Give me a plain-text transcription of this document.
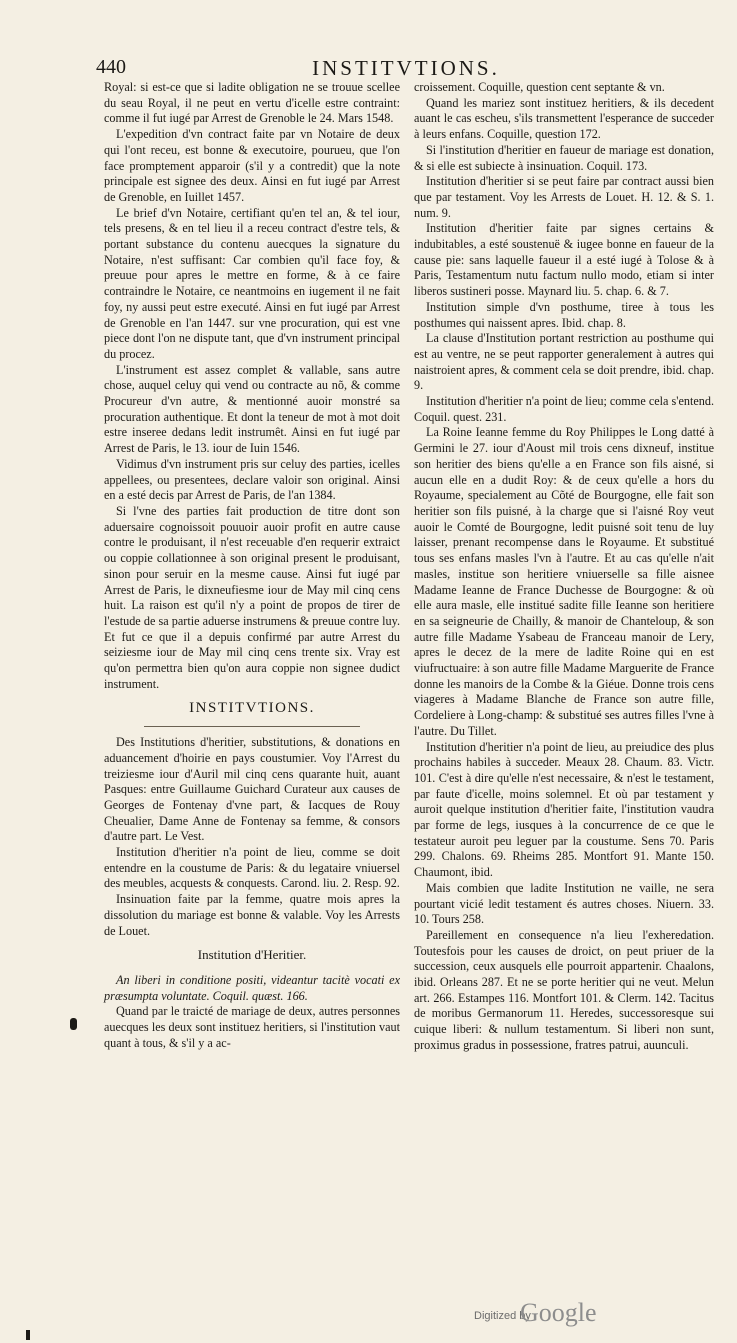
440	INSTITVTIONS.

Royal: si est-ce que si ladite obligation ne se trouue scellee du seau Royal, il ne peut en vertu d'icelle estre contraint: comme il fut iugé par Arrest de Grenoble le 24. Mars 1548.

L'expedition d'vn contract faite par vn Notaire de deux qui l'ont receu, est bonne & executoire, pourueu, que l'on face promptement apparoir (s'il y a contredit) que la note principale est signee des deux. Ainsi en fut iugé par Arrest de Grenoble, en Iuillet 1457.

Le brief d'vn Notaire, certifiant qu'en tel an, & tel iour, tels presens, & en tel lieu il a receu contract d'estre tels, & portant substance du contenu auecques la signature du Notaire, n'est suffisant: Car combien qu'il face foy, & preuue pour apres le mettre en forme, & à ce faire contraindre le Notaire, ce neantmoins en iugement il ne fait foy, ny aussi peut estre executé. Ainsi en fut iugé par Arrest de Grenoble en l'an 1447. sur vne procuration, qui est vne piece dont l'on ne dispute tant, que d'vn instrument principal du procez.

L'instrument est assez complet & vallable, sans autre chose, auquel celuy qui vend ou contracte au nõ, & comme Procureur d'vn autre, & mentionné auoir monstré sa procuration authentique. Et dont la teneur de mot à mot doit estre inseree dedans ledit instrumêt. Ainsi en fut iugé par Arrest de Paris, le 13. iour de Iuin 1546.

Vidimus d'vn instrument pris sur celuy des parties, icelles appellees, ou presentees, declare valoir son original. Ainsi en a esté decis par Arrest de Paris, de l'an 1384.

Si l'vne des parties fait production de titre dont son aduersaire cognoissoit pouuoir auoir profit en autre cause contre le produisant, il n'est receuable d'en requerir extraict ou coppie collationnee à son original present le produisant, sinon pour seruir en la mesme cause. Ainsi fut iugé par Arrest de Paris, le dixneufiesme iour de May mil cinq cens huit. La raison est qu'il n'y a point de propos de tirer de l'estude de sa partie aduerse instrumens & preuue contre luy. Et fut ce que il a depuis confirmé par autre Arrest du seiziesme iour de May mil cinq cens trente six. Vray est qu'on permettra bien qu'on aura coppie non signee dudict instrument.

INSTITVTIONS.

Des Institutions d'heritier, substitutions, & donations en aduancement d'hoirie en pays coustumier. Voy l'Arrest du treiziesme iour d'Auril mil cinq cens quarante huit, auant Pasques: entre Guillaume Guichard Curateur aux causes de Georges de Fontenay d'vne part, & Iacques de Rouy Cheualier, Dame Anne de Fontenay sa femme, & consors d'autre part. Le Vest.

Institution d'heritier n'a point de lieu, comme se doit entendre en la coustume de Paris: & du legataire vniuersel des meubles, acquests & conquests. Carond. liu. 2. Resp. 92.

Insinuation faite par la femme, quatre mois apres la dissolution du mariage est bonne & valable. Voy les Arrests de Louet.

Institution d'Heritier.

An liberi in conditione positi, videantur tacitè vocati ex præsumpta voluntate. Coquil. quæst. 166.

Quand par le traicté de mariage de deux, autres personnes auecques les deux sont instituez heritiers, si l'institution vaut quant à tous, & s'il y a ac-

croissement. Coquille, question cent septante & vn.

Quand les mariez sont instituez heritiers, & ils decedent auant le cas escheu, s'ils transmettent l'esperance de succeder à leurs enfans. Coquille, question 172.

Si l'institution d'heritier en faueur de mariage est donation, & si elle est subiecte à insinuation. Coquil. 173.

Institution d'heritier si se peut faire par contract aussi bien que par testament. Voy les Arrests de Louet. H. 12. & S. 1. num. 9.

Institution d'heritier faite par signes certains & indubitables, a esté soustenuë & iugee bonne en faueur de la cause pie: sans laquelle faueur il a esté iugé à Tolose & à Paris, Testamentum nutu factum nullo modo, etiam si inter liberos sustineri posse. Maynard liu. 5. chap. 6. & 7.

Institution simple d'vn posthume, tiree à tous les posthumes qui naissent apres. Ibid. chap. 8.

La clause d'Institution portant restriction au posthume qui est au ventre, ne se peut rapporter generalement à autres qui naistroient apres, & comment cela se doit prendre, ibid. chap. 9.

Institution d'heritier n'a point de lieu; comme cela s'entend. Coquil. quest. 231.

La Roine Ieanne femme du Roy Philippes le Long datté à Germini le 27. iour d'Aoust mil trois cens dixneuf, institue son heritier des biens qu'elle a en France son fils aisné, si aucun elle en a dudit Roy: & de ceux qu'elle a hors du Royaume, specialement au Cõté de Bourgogne, elle fait son heritier son fils puisné, à la charge que si l'aisné Roy veut auoir le Comté de Bourgogne, ledit puisné soit tenu de luy laisser, prenant recompense dans le Royaume. Et substitué tous ses enfans masles l'vn à l'autre. Et au cas qu'elle n'ait masles, institue son heritiere vniuerselle sa fille aisnee Madame Ieanne de France Duchesse de Bourgogne: & où elle aura masle, elle institué sadite fille Ieanne son heritiere en sa seigneurie de Chailly, & manoir de Chanteloup, & son autre fille Madame Ysabeau de Franceau manoir de Lery, apres le decez de la mere de ladite Roine qui en est viufructuaire: à son autre fille Madame Marguerite de France donne les manoirs de la Combe & la Giéue. Donne trois cens viageres à Madame Blanche de France son autre fille, Cordeliere à Long-champ: & substitué ses autres filles l'vne à l'autre. Du Tillet.

Institution d'heritier n'a point de lieu, au preiudice des plus prochains habiles à succeder. Meaux 28. Chaum. 83. Victr. 101. C'est à dire qu'elle n'est necessaire, & n'est le testament, par faute d'icelle, moins solemnel. Et où par testament y auroit quelque institution d'heritier faite, l'institution vaudra par forme de legs, iusques à la concurrence de ce que le testateur auroit peu leguer par la coustume. Sens 70. Paris 299. Chalons. 69. Rheims 285. Montfort 91. Mante 150. Chaumont, ibid.

Mais combien que ladite Institution ne vaille, ne sera pourtant vicié ledit testament és autres choses. Niuern. 33. 10. Tours 258.

Pareillement en consequence n'a lieu l'exheredation. Toutesfois pour les causes de droict, on peut priuer de la succession, ceux ausquels elle pourroit appartenir. Chaalons, ibid. Orleans 287. Et ne se porte heritier qui ne veut. Melun art. 266. Estampes 116. Montfort 101. & Clerm. 142. Tacitus de moribus Germanorum 11. Heredes, successoresque sui cuique liberi: & nullum testamentum. Si liberi non sunt, proximus gradus in possessione, fratres patrui, auunculi.

Digitized by
Google
